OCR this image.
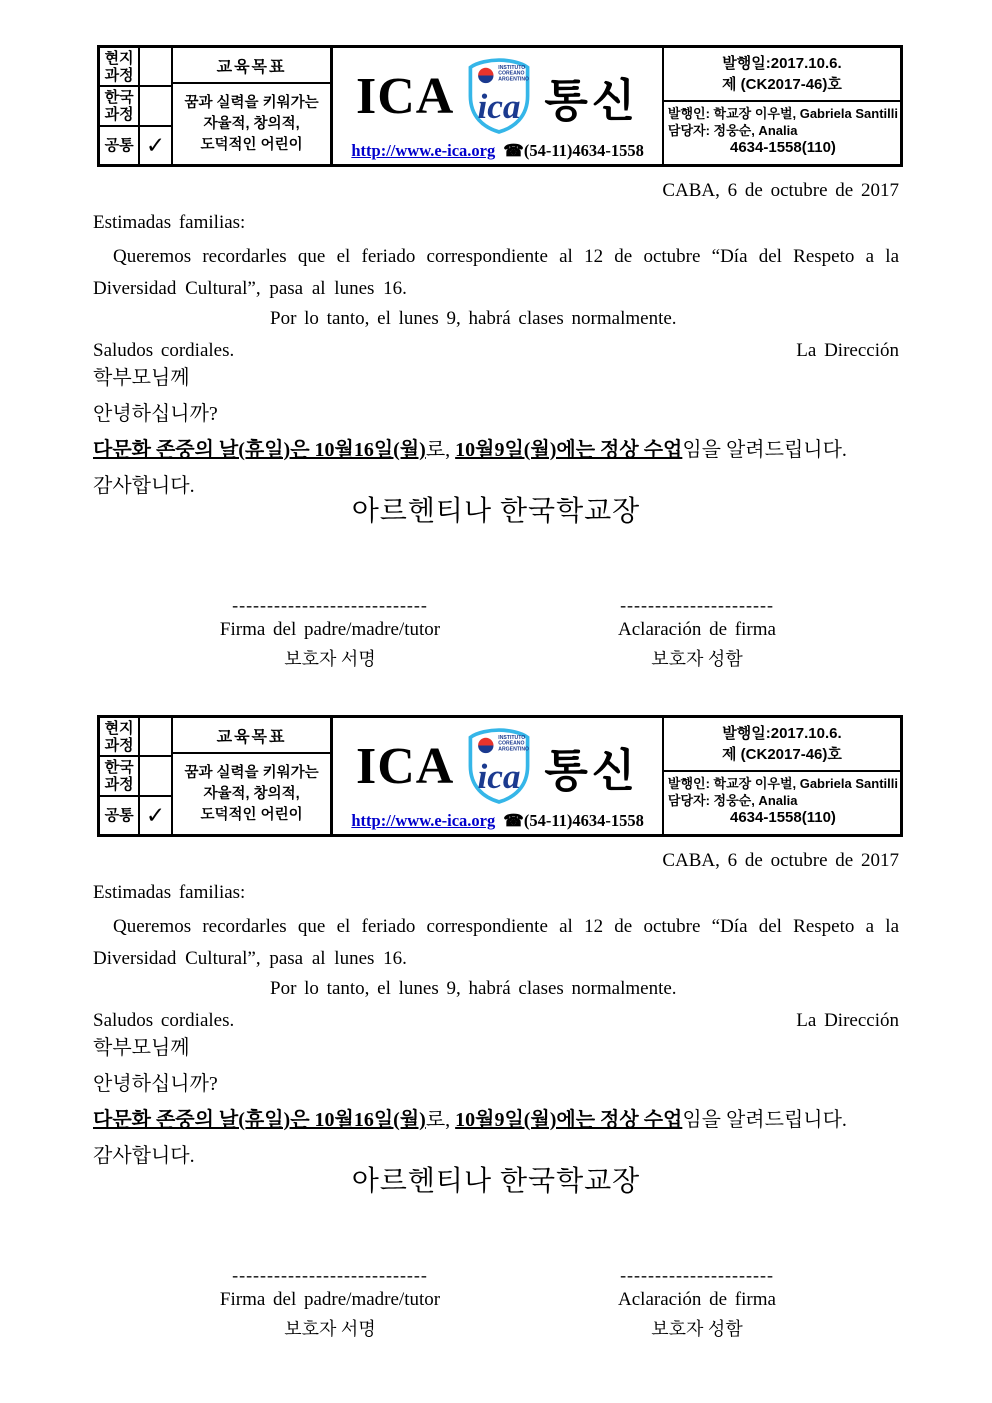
현지
과정
한국
과정
공통 ✓
교육목표
꿈과 실력을 키워가는
자율적, 창의적,
도덕적인 어린이
ICA	INSTITUTO
COREANO
ARGENTINO
ica 통신
http://www.e-ica.org ☎(54-11)4634-1558
발행일:2017.10.6.
제 (CK2017-46)호
발행인: 학교장 이우벌, Gabriela Santilli
담당자: 정웅순, Analia
4634-1558(110)
CABA, 6 de octubre de 2017
Estimadas familias:
Queremos recordarles que el feriado correspondiente al 12 de octubre “Día del Respeto a la Diversidad Cultural”, pasa al lunes 16.
Por lo tanto, el lunes 9, habrá clases normalmente.
Saludos cordiales.	La Dirección
학부모님께
안녕하십니까?
다문화 존중의 날(휴일)은 10월16일(월)로, 10월9일(월)에는 정상 수업임을 알려드립니다.
감사합니다.
아르헨티나 한국학교장
----------------------------
Firma del padre/madre/tutor
보호자 서명
----------------------
Aclaración de firma
보호자 성함
현지
과정
한국
과정
공통 ✓
교육목표
꿈과 실력을 키워가는
자율적, 창의적,
도덕적인 어린이
ICA	INSTITUTO
COREANO
ARGENTINO
ica 통신
http://www.e-ica.org ☎(54-11)4634-1558
발행일:2017.10.6.
제 (CK2017-46)호
발행인: 학교장 이우벌, Gabriela Santilli
담당자: 정웅순, Analia
4634-1558(110)
CABA, 6 de octubre de 2017
Estimadas familias:
Queremos recordarles que el feriado correspondiente al 12 de octubre “Día del Respeto a la Diversidad Cultural”, pasa al lunes 16.
Por lo tanto, el lunes 9, habrá clases normalmente.
Saludos cordiales.	La Dirección
학부모님께
안녕하십니까?
다문화 존중의 날(휴일)은 10월16일(월)로, 10월9일(월)에는 정상 수업임을 알려드립니다.
감사합니다.
아르헨티나 한국학교장
----------------------------
Firma del padre/madre/tutor
보호자 서명
----------------------
Aclaración de firma
보호자 성함
